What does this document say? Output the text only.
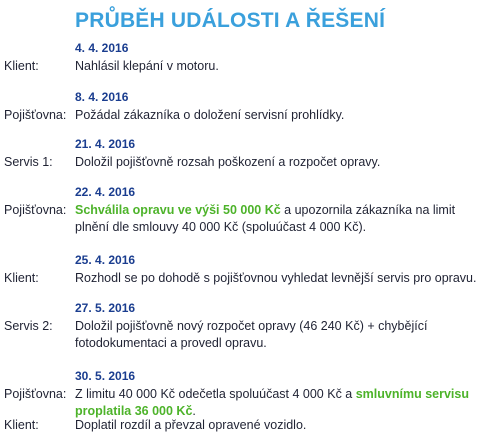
PRŮBĚH UDÁLOSTI A ŘEŠENÍ
4. 4. 2016
Klient:	Nahlásil klepání v motoru.
8. 4. 2016
Pojišťovna: Požádal zákazníka o doložení servisní prohlídky.
21. 4. 2016
Servis 1: Doložil pojišťovně rozsah poškození a rozpočet opravy.
22. 4. 2016
Pojišťovna: Schválila opravu ve výši 50 000 Kč a upozornila zákazníka na limit plnění dle smlouvy 40 000 Kč (spoluúčast 4 000 Kč).
25. 4. 2016
Klient:	Rozhodl se po dohodě s pojišťovnou vyhledat levnější servis pro opravu.
27. 5. 2016
Servis 2: Doložil pojišťovně nový rozpočet opravy (46 240 Kč) + chybějící fotodokumentaci a provedl opravu.
30. 5. 2016
Pojišťovna: Z limitu 40 000 Kč odečetla spoluúčast 4 000 Kč a smluvnímu servisu proplatila 36 000 Kč.
Klient:	Doplatil rozdíl a převzal opravené vozidlo.
